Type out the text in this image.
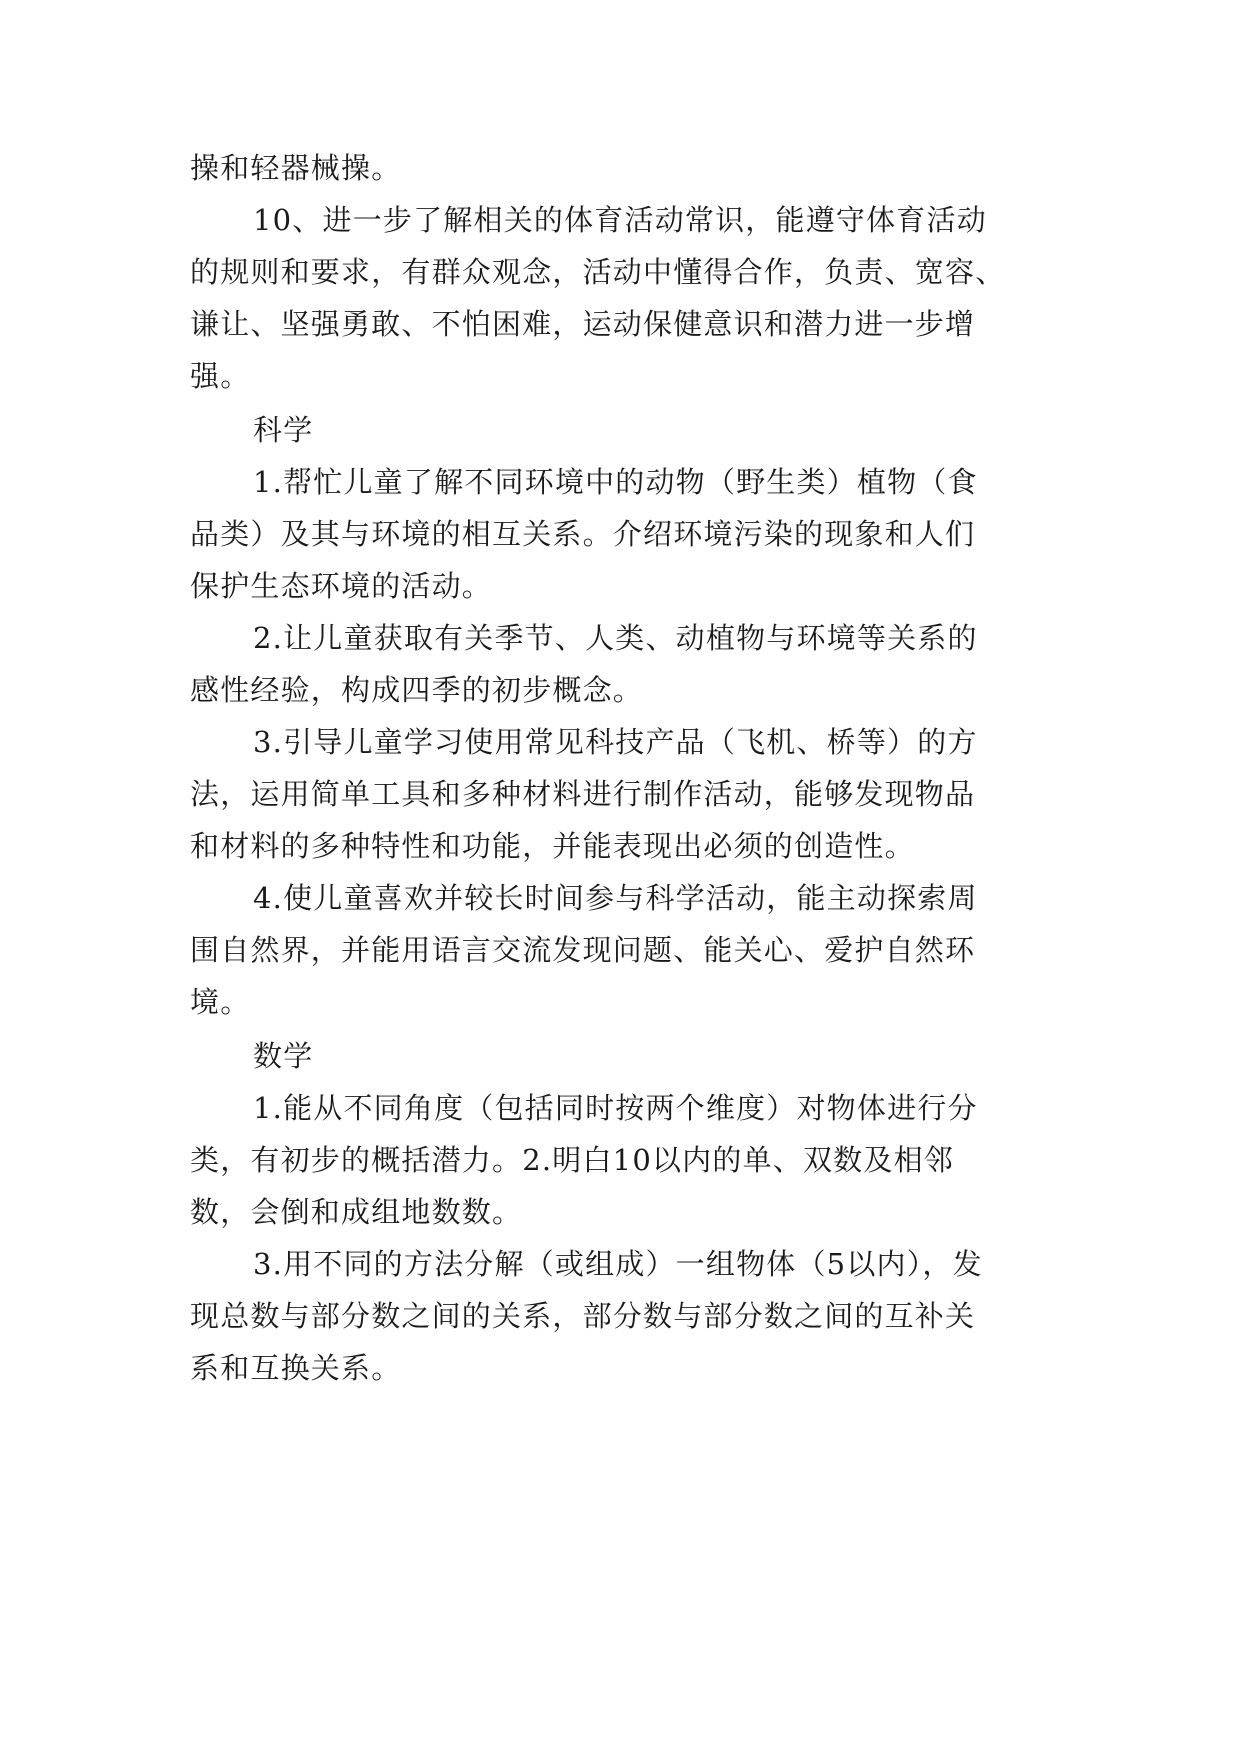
操和轻器械操。
10、进一步了解相关的体育活动常识，能遵守体育活动
的规则和要求，有群众观念，活动中懂得合作，负责、宽容、
谦让、坚强勇敢、不怕困难，运动保健意识和潜力进一步增
强。
科学
1.帮忙儿童了解不同环境中的动物（野生类）植物（食
品类）及其与环境的相互关系。介绍环境污染的现象和人们
保护生态环境的活动。
2.让儿童获取有关季节、人类、动植物与环境等关系的
感性经验，构成四季的初步概念。
3.引导儿童学习使用常见科技产品（飞机、桥等）的方
法，运用简单工具和多种材料进行制作活动，能够发现物品
和材料的多种特性和功能，并能表现出必须的创造性。
4.使儿童喜欢并较长时间参与科学活动，能主动探索周
围自然界，并能用语言交流发现问题、能关心、爱护自然环
境。
数学
1.能从不同角度（包括同时按两个维度）对物体进行分
类，有初步的概括潜力。2.明白10以内的单、双数及相邻
数，会倒和成组地数数。
3.用不同的方法分解（或组成）一组物体（5以内），发
现总数与部分数之间的关系，部分数与部分数之间的互补关
系和互换关系。
